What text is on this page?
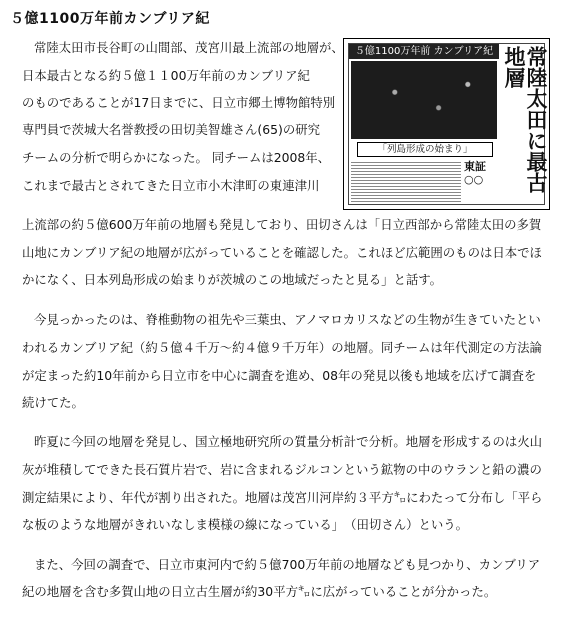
５億1100万年前カンブリア紀
５億1100万年前 カンブリア紀
「列島形成の始まり」
東証 ○○	常陸太田に最古地層
常陸太田市長谷町の山間部、茂宮川最上流部の地層が、
日本最古となる約５億１１00万年前のカンブリア紀
のものであることが17日までに、日立市郷土博物館特別
専門員で茨城大名誉教授の田切美智雄さん(65)の研究
チームの分析で明らかになった。 同チームは2008年、
これまで最古とされてきた日立市小木津町の東連津川
上流部の約５億600万年前の地層も発見しており、田切さんは「日立西部から常陸太田の多賀
山地にカンブリア紀の地層が広がっていることを確認した。これほど広範囲のものは日本でほ
かになく、日本列島形成の始まりが茨城のこの地域だったと見る」と話す。
今見っかったのは、脊椎動物の祖先や三葉虫、アノマロカリスなどの生物が生きていたとい
われるカンブリア紀（約５億４千万～約４億９千万年）の地層。同チームは年代測定の方法論
が定まった約10年前から日立市を中心に調査を進め、08年の発見以後も地域を広げて調査を
続けてた。
昨夏に今回の地層を発見し、国立極地研究所の質量分析計で分析。地層を形成するのは火山
灰が堆積してできた長石質片岩で、岩に含まれるジルコンという鉱物の中のウランと鉛の濃の
測定結果により、年代が割り出された。地層は茂宮川河岸約３平方㌔にわたって分布し「平ら
な板のような地層がきれいなしま模様の線になっている」　（田切さん）という。
また、今回の調査で、日立市東河内で約５億700万年前の地層なども見つかり、カンブリア
紀の地層を含む多賀山地の日立古生層が約30平方㌔に広がっていることが分かった。
